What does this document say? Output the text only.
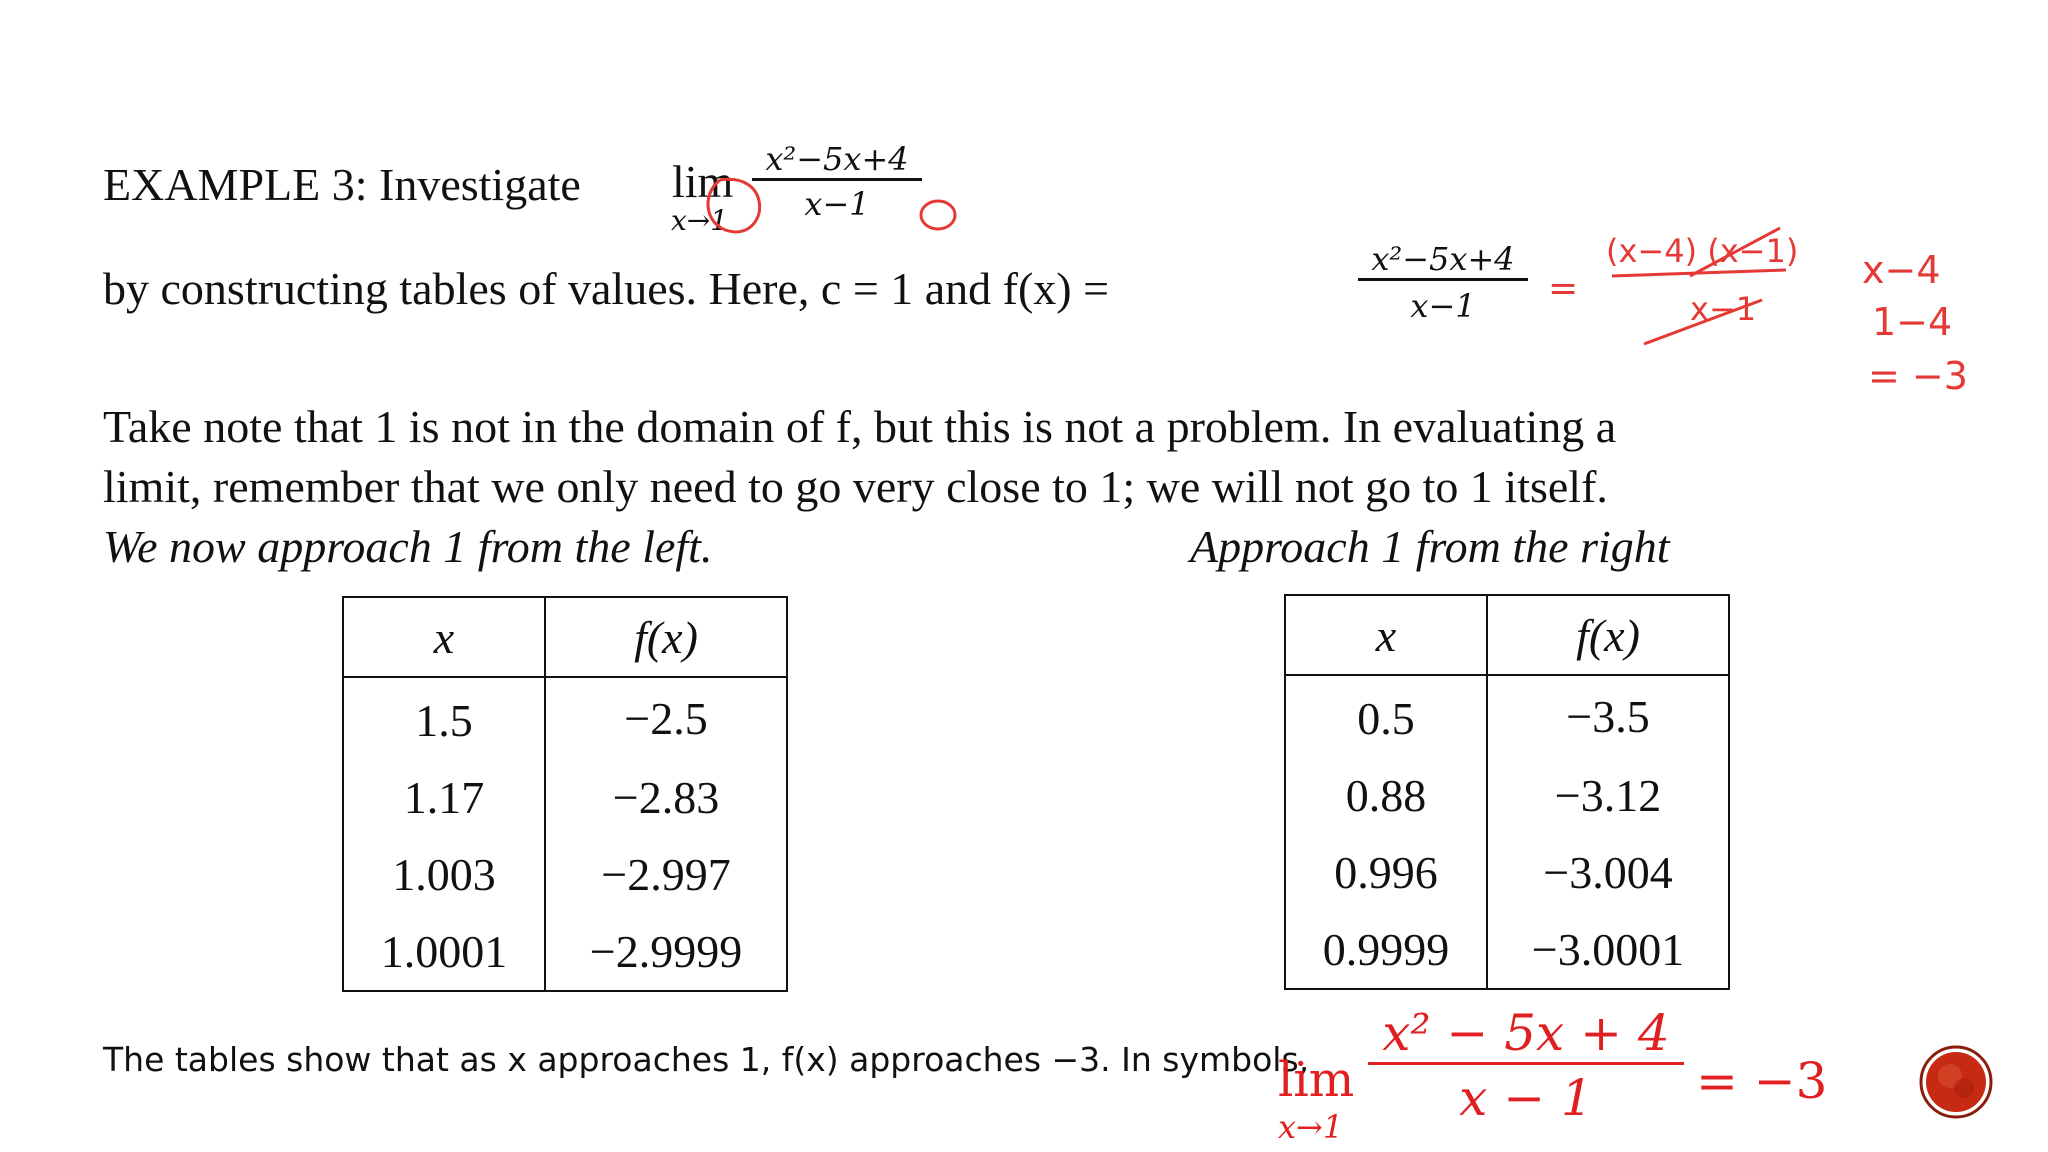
EXAMPLE 3: Investigate lim
x→1
x²−5x+4
x−1
by constructing tables of values. Here, c = 1 and f(x) =
x²−5x+4
x−1
Take note that 1 is not in the domain of f, but this is not a problem. In evaluating a
limit, remember that we only need to go very close to 1; we will not go to 1 itself.
We now approach 1 from the left.	Approach 1 from the right
x	f(x)
1.5	−2.5
1.17	−2.83
1.003	−2.997
1.0001	−2.9999
x	f(x)
0.5	−3.5
0.88	−3.12
0.996	−3.004
0.9999	−3.0001
The tables show that as x approaches 1, f(x) approaches −3. In symbols,
lim
x→1
x² − 5x + 4
x − 1	= −3
=
(x−4) (x−1)
x−1
x−4
1−4
= −3
